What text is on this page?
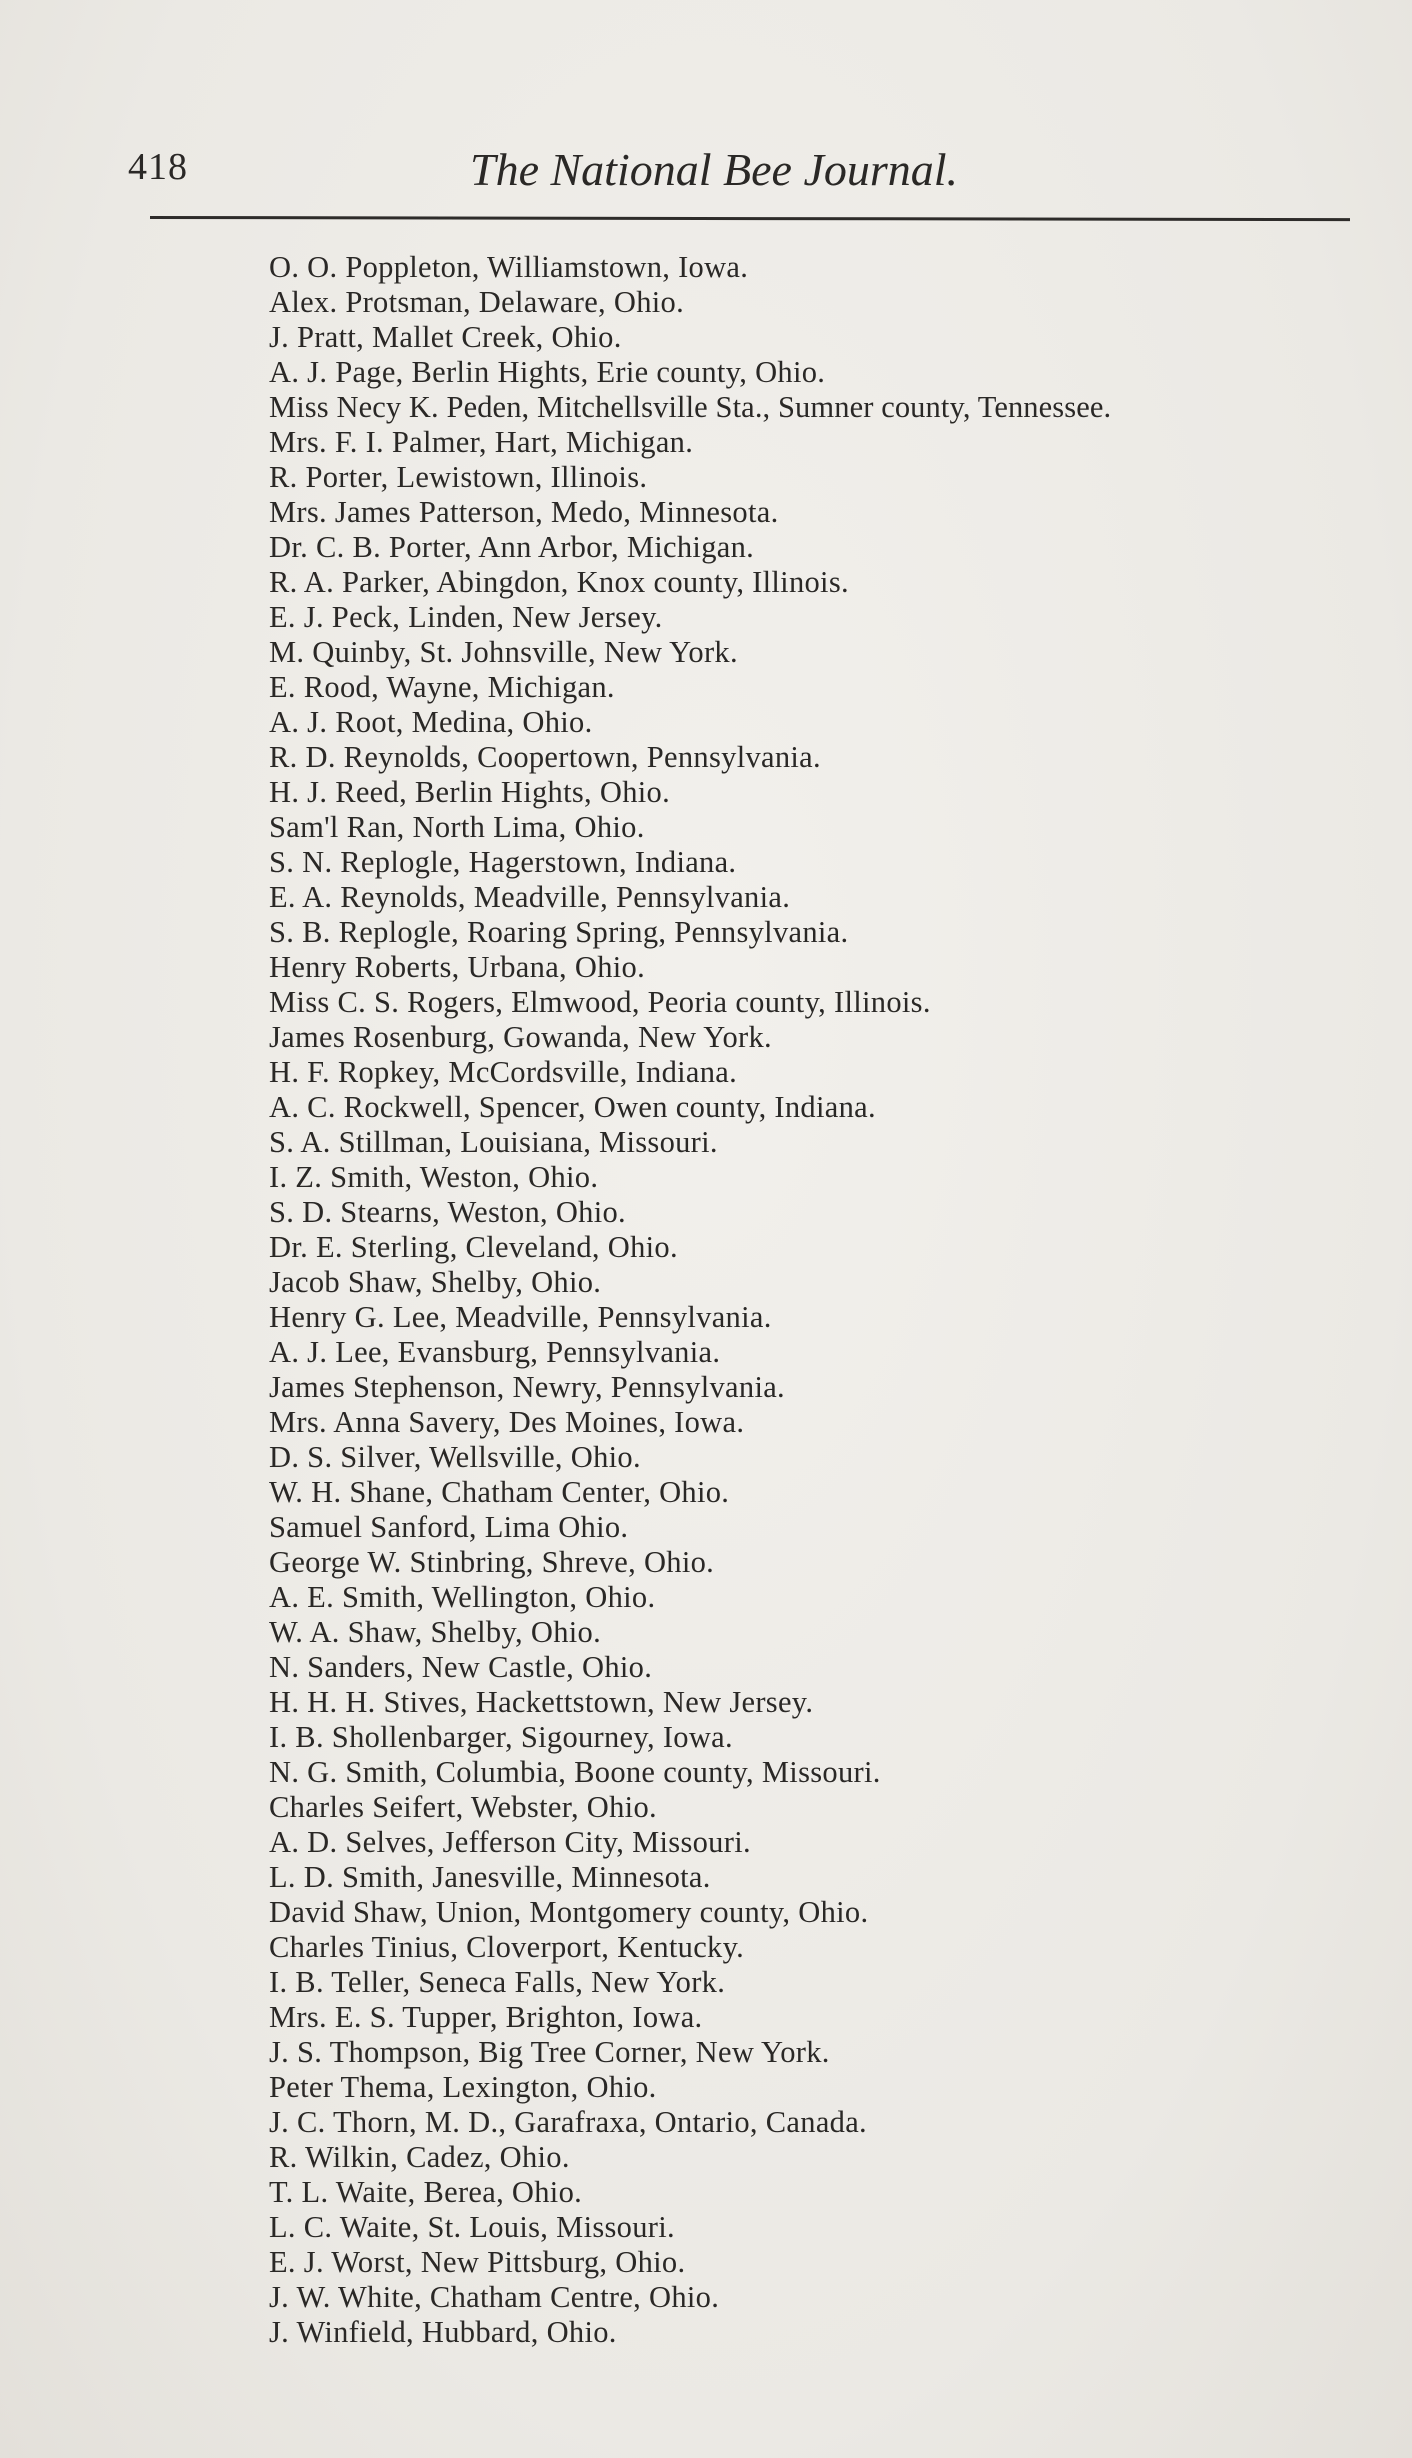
418	The National Bee Journal.
O. O. Poppleton, Williamstown, Iowa.
Alex. Protsman, Delaware, Ohio.
J. Pratt, Mallet Creek, Ohio.
A. J. Page, Berlin Hights, Erie county, Ohio.
Miss Necy K. Peden, Mitchellsville Sta., Sumner county, Tennessee.
Mrs. F. I. Palmer, Hart, Michigan.
R. Porter, Lewistown, Illinois.
Mrs. James Patterson, Medo, Minnesota.
Dr. C. B. Porter, Ann Arbor, Michigan.
R. A. Parker, Abingdon, Knox county, Illinois.
E. J. Peck, Linden, New Jersey.
M. Quinby, St. Johnsville, New York.
E. Rood, Wayne, Michigan.
A. J. Root, Medina, Ohio.
R. D. Reynolds, Coopertown, Pennsylvania.
H. J. Reed, Berlin Hights, Ohio.
Sam'l Ran, North Lima, Ohio.
S. N. Replogle, Hagerstown, Indiana.
E. A. Reynolds, Meadville, Pennsylvania.
S. B. Replogle, Roaring Spring, Pennsylvania.
Henry Roberts, Urbana, Ohio.
Miss C. S. Rogers, Elmwood, Peoria county, Illinois.
James Rosenburg, Gowanda, New York.
H. F. Ropkey, McCordsville, Indiana.
A. C. Rockwell, Spencer, Owen county, Indiana.
S. A. Stillman, Louisiana, Missouri.
I. Z. Smith, Weston, Ohio.
S. D. Stearns, Weston, Ohio.
Dr. E. Sterling, Cleveland, Ohio.
Jacob Shaw, Shelby, Ohio.
Henry G. Lee, Meadville, Pennsylvania.
A. J. Lee, Evansburg, Pennsylvania.
James Stephenson, Newry, Pennsylvania.
Mrs. Anna Savery, Des Moines, Iowa.
D. S. Silver, Wellsville, Ohio.
W. H. Shane, Chatham Center, Ohio.
Samuel Sanford, Lima Ohio.
George W. Stinbring, Shreve, Ohio.
A. E. Smith, Wellington, Ohio.
W. A. Shaw, Shelby, Ohio.
N. Sanders, New Castle, Ohio.
H. H. H. Stives, Hackettstown, New Jersey.
I. B. Shollenbarger, Sigourney, Iowa.
N. G. Smith, Columbia, Boone county, Missouri.
Charles Seifert, Webster, Ohio.
A. D. Selves, Jefferson City, Missouri.
L. D. Smith, Janesville, Minnesota.
David Shaw, Union, Montgomery county, Ohio.
Charles Tinius, Cloverport, Kentucky.
I. B. Teller, Seneca Falls, New York.
Mrs. E. S. Tupper, Brighton, Iowa.
J. S. Thompson, Big Tree Corner, New York.
Peter Thema, Lexington, Ohio.
J. C. Thorn, M. D., Garafraxa, Ontario, Canada.
R. Wilkin, Cadez, Ohio.
T. L. Waite, Berea, Ohio.
L. C. Waite, St. Louis, Missouri.
E. J. Worst, New Pittsburg, Ohio.
J. W. White, Chatham Centre, Ohio.
J. Winfield, Hubbard, Ohio.
